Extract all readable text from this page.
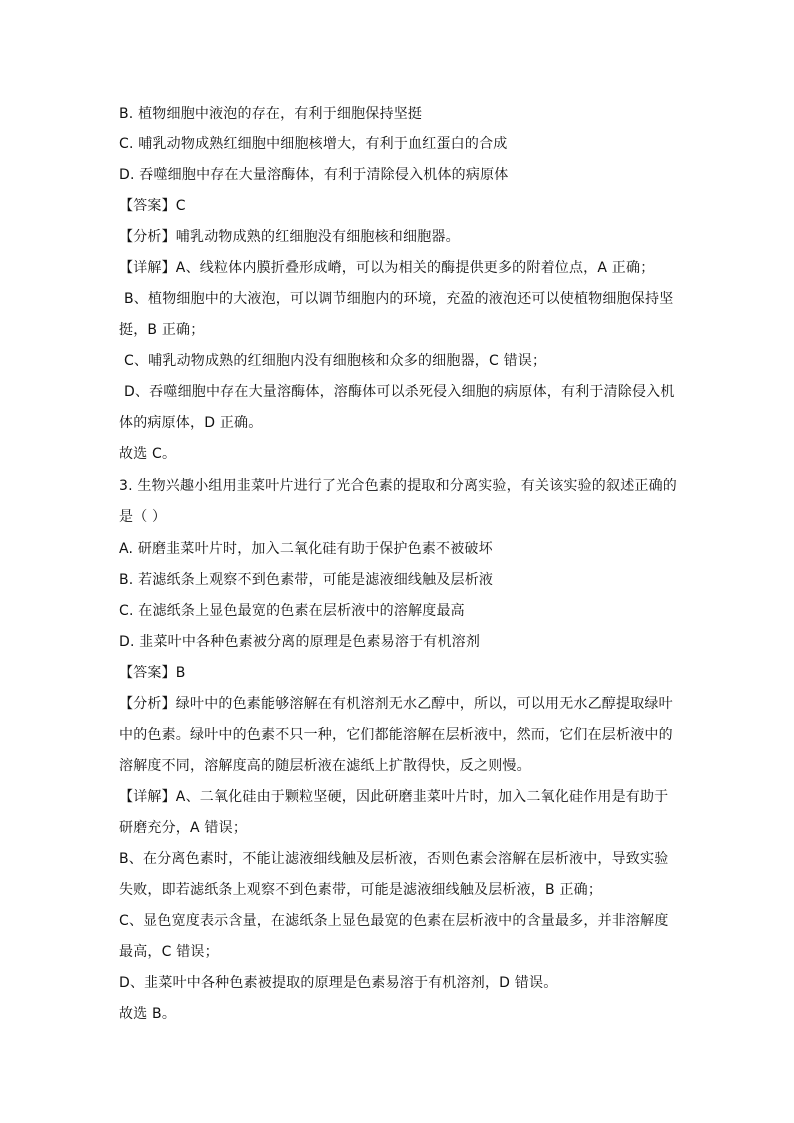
B. 植物细胞中液泡的存在，有利于细胞保持坚挺
C. 哺乳动物成熟红细胞中细胞核增大，有利于血红蛋白的合成
D. 吞噬细胞中存在大量溶酶体，有利于清除侵入机体的病原体
【答案】C
【分析】哺乳动物成熟的红细胞没有细胞核和细胞器。
【详解】A、线粒体内膜折叠形成嵴，可以为相关的酶提供更多的附着位点，A 正确；
B、植物细胞中的大液泡，可以调节细胞内的环境，充盈的液泡还可以使植物细胞保持坚
挺，B 正确；
C、哺乳动物成熟的红细胞内没有细胞核和众多的细胞器，C 错误；
D、吞噬细胞中存在大量溶酶体，溶酶体可以杀死侵入细胞的病原体，有利于清除侵入机
体的病原体，D 正确。
故选 C。
3. 生物兴趣小组用韭菜叶片进行了光合色素的提取和分离实验，有关该实验的叙述正确的
是（ ）
A. 研磨韭菜叶片时，加入二氧化硅有助于保护色素不被破坏
B. 若滤纸条上观察不到色素带，可能是滤液细线触及层析液
C. 在滤纸条上显色最宽的色素在层析液中的溶解度最高
D. 韭菜叶中各种色素被分离的原理是色素易溶于有机溶剂
【答案】B
【分析】绿叶中的色素能够溶解在有机溶剂无水乙醇中，所以，可以用无水乙醇提取绿叶
中的色素。绿叶中的色素不只一种，它们都能溶解在层析液中，然而，它们在层析液中的
溶解度不同，溶解度高的随层析液在滤纸上扩散得快，反之则慢。
【详解】A、二氧化硅由于颗粒坚硬，因此研磨韭菜叶片时，加入二氧化硅作用是有助于
研磨充分，A 错误；
B、在分离色素时，不能让滤液细线触及层析液，否则色素会溶解在层析液中，导致实验
失败，即若滤纸条上观察不到色素带，可能是滤液细线触及层析液，B 正确；
C、显色宽度表示含量，在滤纸条上显色最宽的色素在层析液中的含量最多，并非溶解度
最高，C 错误；
D、韭菜叶中各种色素被提取的原理是色素易溶于有机溶剂，D 错误。
故选 B。
